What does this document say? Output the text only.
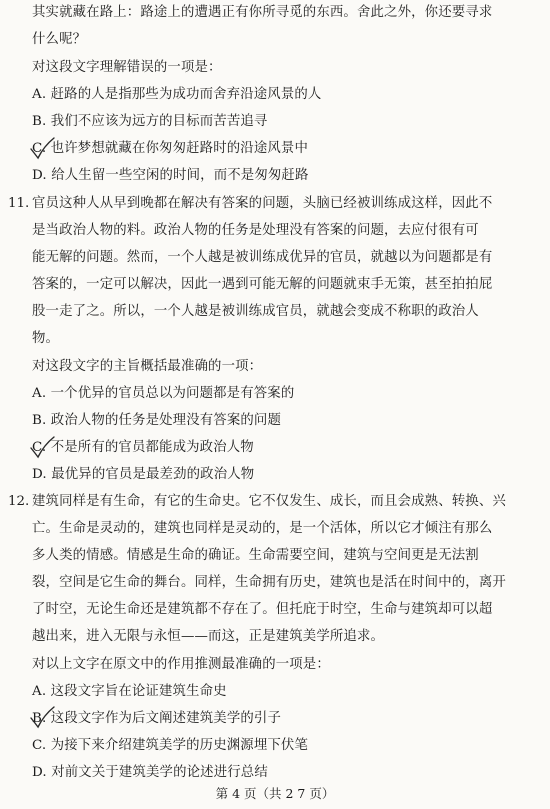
其实就藏在路上：路途上的遭遇正有你所寻觅的东西。舍此之外，你还要寻求
什么呢？
对这段文字理解错误的一项是：
A. 赶路的人是指那些为成功而舍弃沿途风景的人
B. 我们不应该为远方的目标而苦苦追寻
C. 也许梦想就藏在你匆匆赶路时的沿途风景中
D. 给人生留一些空闲的时间，而不是匆匆赶路
11. 官员这种人从早到晚都在解决有答案的问题，头脑已经被训练成这样，因此不
是当政治人物的料。政治人物的任务是处理没有答案的问题，去应付很有可
能无解的问题。然而，一个人越是被训练成优异的官员，就越以为问题都是有
答案的，一定可以解决，因此一遇到可能无解的问题就束手无策，甚至拍拍屁
股一走了之。所以，一个人越是被训练成官员，就越会变成不称职的政治人
物。
对这段文字的主旨概括最准确的一项：
A. 一个优异的官员总以为问题都是有答案的
B. 政治人物的任务是处理没有答案的问题
C. 不是所有的官员都能成为政治人物
D. 最优异的官员是最差劲的政治人物
12. 建筑同样是有生命，有它的生命史。它不仅发生、成长，而且会成熟、转换、兴
亡。生命是灵动的，建筑也同样是灵动的，是一个活体，所以它才倾注有那么
多人类的情感。情感是生命的确证。生命需要空间，建筑与空间更是无法割
裂，空间是它生命的舞台。同样，生命拥有历史，建筑也是活在时间中的，离开
了时空，无论生命还是建筑都不存在了。但托庇于时空，生命与建筑却可以超
越出来，进入无限与永恒——而这，正是建筑美学所追求。
对以上文字在原文中的作用推测最准确的一项是：
A. 这段文字旨在论证建筑生命史
B. 这段文字作为后文阐述建筑美学的引子
C. 为接下来介绍建筑美学的历史渊源埋下伏笔
D. 对前文关于建筑美学的论述进行总结
第 4 页（共 2 7 页）
